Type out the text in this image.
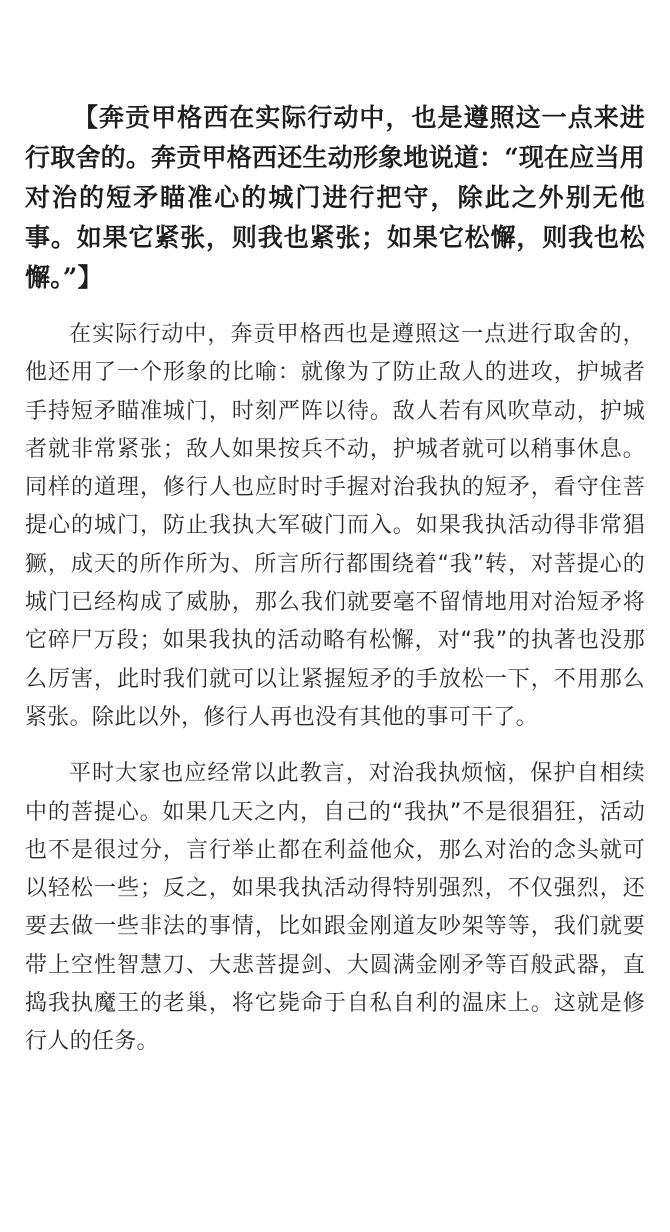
【奔贡甲格西在实际行动中，也是遵照这一点来进行取舍的。奔贡甲格西还生动形象地说道：“现在应当用对治的短矛瞄准心的城门进行把守，除此之外别无他事。如果它紧张，则我也紧张；如果它松懈，则我也松懈。”】

在实际行动中，奔贡甲格西也是遵照这一点进行取舍的，他还用了一个形象的比喻：就像为了防止敌人的进攻，护城者手持短矛瞄准城门，时刻严阵以待。敌人若有风吹草动，护城者就非常紧张；敌人如果按兵不动，护城者就可以稍事休息。同样的道理，修行人也应时时手握对治我执的短矛，看守住菩提心的城门，防止我执大军破门而入。如果我执活动得非常猖獗，成天的所作所为、所言所行都围绕着“我”转，对菩提心的城门已经构成了威胁，那么我们就要毫不留情地用对治短矛将它碎尸万段；如果我执的活动略有松懈，对“我”的执著也没那么厉害，此时我们就可以让紧握短矛的手放松一下，不用那么紧张。除此以外，修行人再也没有其他的事可干了。

平时大家也应经常以此教言，对治我执烦恼，保护自相续中的菩提心。如果几天之内，自己的“我执”不是很猖狂，活动也不是很过分，言行举止都在利益他众，那么对治的念头就可以轻松一些；反之，如果我执活动得特别强烈，不仅强烈，还要去做一些非法的事情，比如跟金刚道友吵架等等，我们就要带上空性智慧刀、大悲菩提剑、大圆满金刚矛等百般武器，直捣我执魔王的老巢，将它毙命于自私自利的温床上。这就是修行人的任务。
